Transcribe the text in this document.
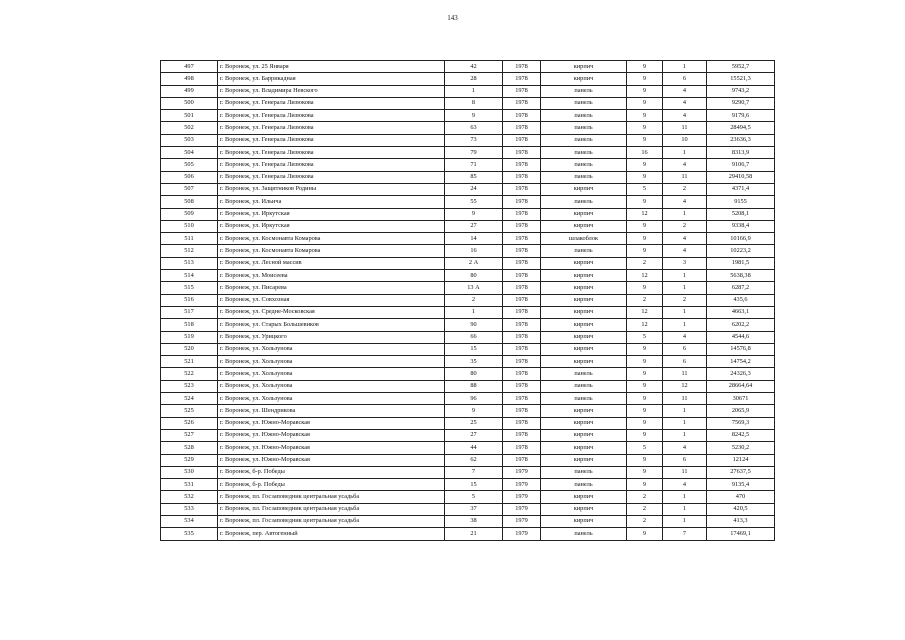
143
497	г. Воронеж, ул. 25 Января	42	1978	кирпич	9	1	5952,7
498	г. Воронеж, ул. Баррикадная	28	1978	кирпич	9	6	15521,3
499	г. Воронеж, ул. Владимира Невского	1	1978	панель	9	4	9743,2
500	г. Воронеж, ул. Генерала Лизюкова	8	1978	панель	9	4	9290,7
501	г. Воронеж, ул. Генерала Лизюкова	9	1978	панель	9	4	9179,6
502	г. Воронеж, ул. Генерала Лизюкова	63	1978	панель	9	11	28494,5
503	г. Воронеж, ул. Генерала Лизюкова	73	1978	панель	9	10	23636,3
504	г. Воронеж, ул. Генерала Лизюкова	79	1978	панель	16	1	8313,9
505	г. Воронеж, ул. Генерала Лизюкова	71	1978	панель	9	4	9106,7
506	г. Воронеж, ул. Генерала Лизюкова	85	1978	панель	9	11	29410,58
507	г. Воронеж, ул. Защитников Родины	24	1978	кирпич	5	2	4371,4
508	г. Воронеж, ул. Ильича	55	1978	панель	9	4	9155
509	г. Воронеж, ул. Иркутская	9	1978	кирпич	12	1	5208,1
510	г. Воронеж, ул. Иркутская	27	1978	кирпич	9	2	9338,4
511	г. Воронеж, ул. Космонавта Комарова	14	1978	шлакоблок	9	4	10166,9
512	г. Воронеж, ул. Космонавта Комарова	16	1978	панель	9	4	10223,2
513	г. Воронеж, ул. Лесной массив	2 А	1978	кирпич	2	3	1981,5
514	г. Воронеж, ул. Моисеева	80	1978	кирпич	12	1	5638,38
515	г. Воронеж, ул. Писарева	13 А	1978	кирпич	9	1	6287,2
516	г. Воронеж, ул. Совхозная	2	1978	кирпич	2	2	435,6
517	г. Воронеж, ул. Средне-Московская	1	1978	кирпич	12	1	4663,1
518	г. Воронеж, ул. Старых Большевиков	90	1978	кирпич	12	1	6202,2
519	г. Воронеж, ул. Урицкого	66	1978	кирпич	5	4	4544,6
520	г. Воронеж, ул. Хользунова	15	1978	кирпич	9	6	14576,8
521	г. Воронеж, ул. Хользунова	35	1978	кирпич	9	6	14754,2
522	г. Воронеж, ул. Хользунова	80	1978	панель	9	11	24326,3
523	г. Воронеж, ул. Хользунова	88	1978	панель	9	12	28664,64
524	г. Воронеж, ул. Хользунова	96	1978	панель	9	11	30671
525	г. Воронеж, ул. Шендрикова	9	1978	кирпич	9	1	2065,9
526	г. Воронеж, ул. Южно-Моравская	25	1978	кирпич	9	1	7569,3
527	г. Воронеж, ул. Южно-Моравская	27	1978	кирпич	9	1	8242,5
528	г. Воронеж, ул. Южно-Моравская	44	1978	кирпич	5	4	5230,2
529	г. Воронеж, ул. Южно-Моравская	62	1978	кирпич	9	6	12124
530	г. Воронеж, б-р. Победы	7	1979	панель	9	11	27637,5
531	г. Воронеж, б-р. Победы	15	1979	панель	9	4	9135,4
532	г. Воронеж, пл. Госзаповедник центральная усадьба	5	1979	кирпич	2	1	470
533	г. Воронеж, пл. Госзаповедник центральная усадьба	37	1979	кирпич	2	1	420,5
534	г. Воронеж, пл. Госзаповедник центральная усадьба	38	1979	кирпич	2	1	413,3
535	г. Воронеж, пер. Автогенный	21	1979	панель	9	7	17469,1
